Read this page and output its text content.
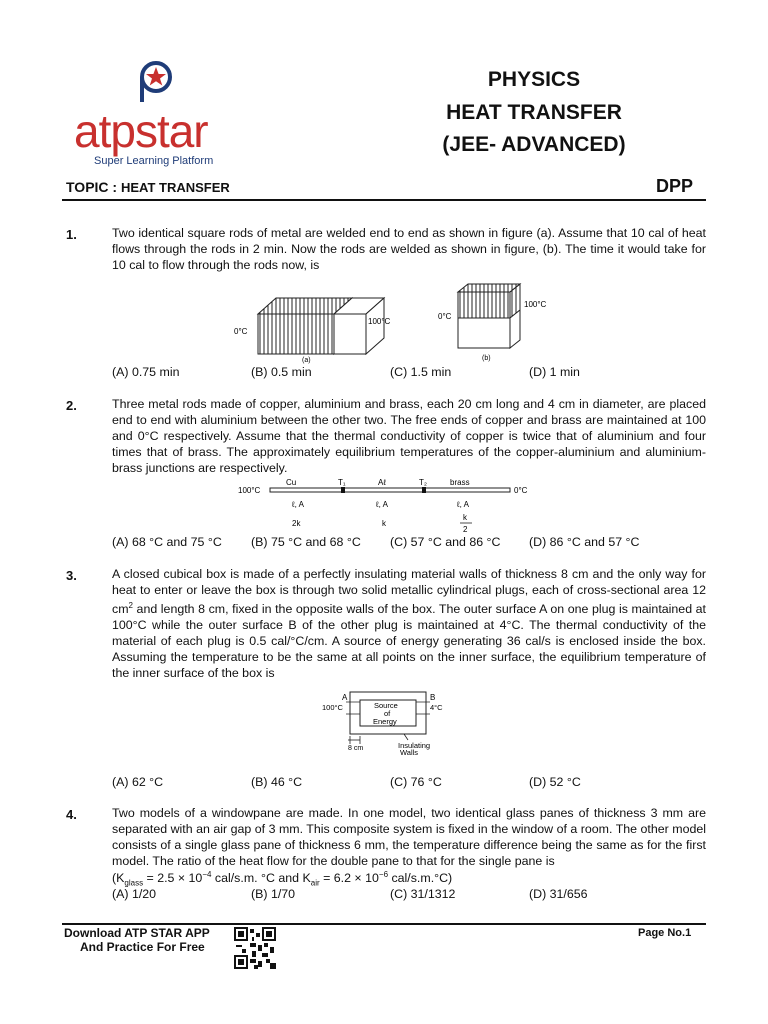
atpstar
Super Learning Platform
PHYSICS
HEAT TRANSFER
(JEE- ADVANCED)
TOPIC : HEAT TRANSFER	DPP
1.	Two identical square rods of metal are welded end to end as shown in figure (a). Assume that 10 cal of heat flows through the rods in 2 min. Now the rods are welded as shown in figure, (b). The time it would take for 10 cal to flow through the rods now, is
0°C
100°C
(a)
0°C
100°C
(b)
(A) 0.75 min	(B) 0.5 min	(C) 1.5 min	(D) 1 min
2.	Three metal rods made of copper, aluminium and brass, each 20 cm long and 4 cm in diameter, are placed end to end with aluminium between the other two. The free ends of copper and brass are maintained at 100 and 0°C respectively. Assume that the thermal conductivity of copper is twice that of aluminium and four times that of brass. The approximately equilibrium temperatures of the copper-aluminium and aluminium-brass junctions are respectively.
100°C	0°C
Cu	T₁	Aℓ	T₂	brass
ℓ, A	ℓ, A	ℓ, A
2k	k
k
2
(A) 68 °C and 75 °C (B) 75 °C and 68 °C (C) 57 °C and 86 °C (D) 86 °C and 57 °C
3.	A closed cubical box is made of a perfectly insulating material walls of thickness 8 cm and the only way for heat to enter or leave the box is through two solid metallic cylindrical plugs, each of cross-sectional area 12 $cm^2$ and length 8 cm, fixed in the opposite walls of the box. The outer surface A on one plug is maintained at 100°C while the outer surface B of the other plug is maintained at 4°C. The thermal conductivity of the material of each plug is 0.5 cal/°C/cm. A source of energy generating 36 cal/s is enclosed inside the box. Assuming the temperature to be the same at all points on the inner surface, the equilibrium temperature of the inner surface of the box is
A	B
100°C	4°C
Source
of
Energy
8 cm	Insulating
Walls
(A) 62 °C	(B) 46 °C	(C) 76 °C	(D) 52 °C
4.	Two models of a windowpane are made. In one model, two identical glass panes of thickness 3 mm are separated with an air gap of 3 mm. This composite system is fixed in the window of a room. The other model consists of a single glass pane of thickness 6 mm, the temperature difference being the same as for the first model. The ratio of the heat flow for the double pane to that for the single pane is
($K_{glass} = 2.5 \times 10^{-4}$ cal/s.m. °C and $K_{air} = 6.2 \times 10^{-6}$ cal/s.m.°C)
(A) 1/20	(B) 1/70	(C) 31/1312	(D) 31/656
Download ATP STAR APP
And Practice For Free
Page No.1
